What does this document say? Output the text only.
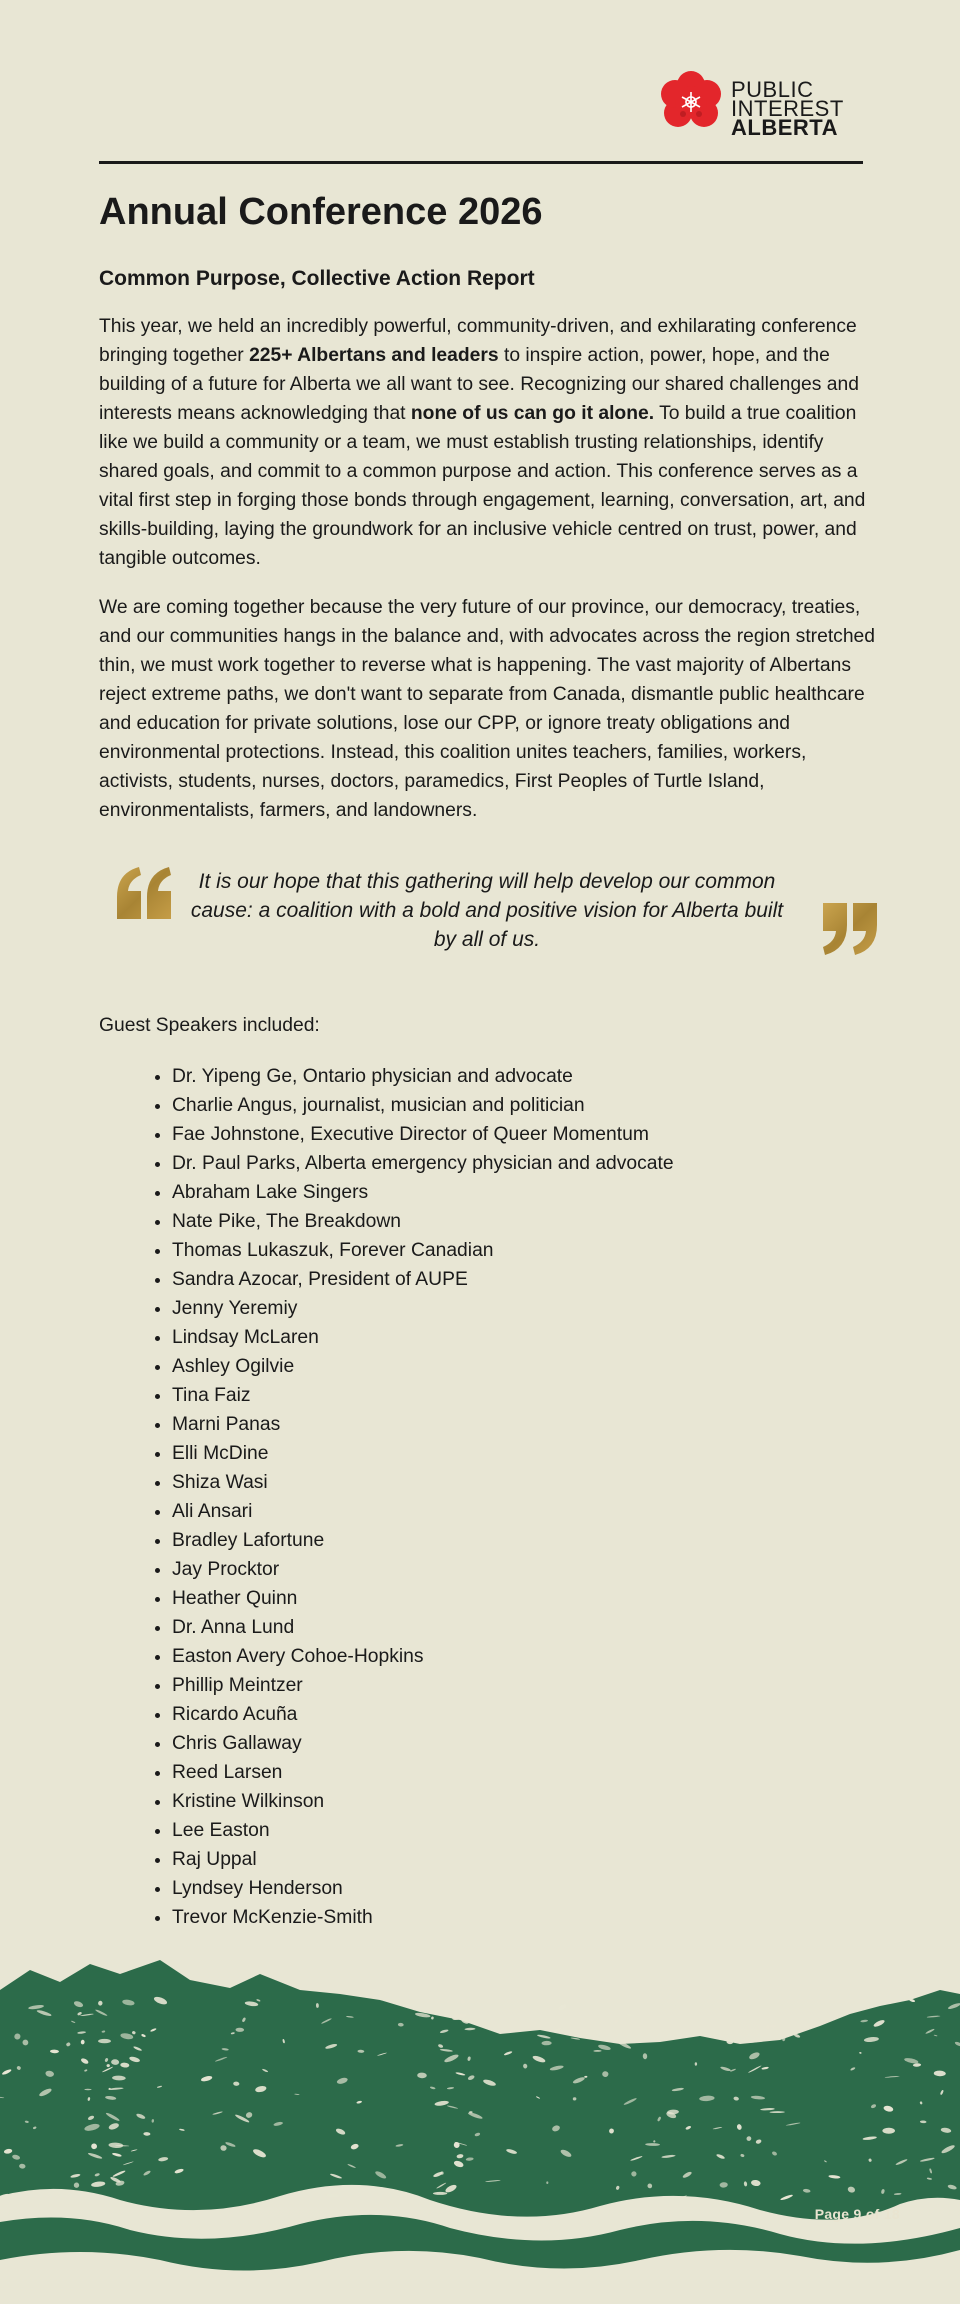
PUBLIC
INTEREST
ALBERTA
Annual Conference 2026
Common Purpose, Collective Action Report

This year, we held an incredibly powerful, community-driven, and exhilarating conference bringing together 225+ Albertans and leaders to inspire action, power, hope, and the building of a future for Alberta we all want to see. Recognizing our shared challenges and interests means acknowledging that none of us can go it alone. To build a true coalition like we build a community or a team, we must establish trusting relationships, identify shared goals, and commit to a common purpose and action. This conference serves as a vital first step in forging those bonds through engagement, learning, conversation, art, and skills-building, laying the groundwork for an inclusive vehicle centred on trust, power, and tangible outcomes.

We are coming together because the very future of our province, our democracy, treaties, and our communities hangs in the balance and, with advocates across the region stretched thin, we must work together to reverse what is happening. The vast majority of Albertans reject extreme paths, we don't want to separate from Canada, dismantle public healthcare and education for private solutions, lose our CPP, or ignore treaty obligations and environmental protections. Instead, this coalition unites teachers, families, workers, activists, students, nurses, doctors, paramedics, First Peoples of Turtle Island, environmentalists, farmers, and landowners.

It is our hope that this gathering will help develop our common cause: a coalition with a bold and positive vision for Alberta built by all of us.

Guest Speakers included:

• Dr. Yipeng Ge, Ontario physician and advocate
• Charlie Angus, journalist, musician and politician
• Fae Johnstone, Executive Director of Queer Momentum
• Dr. Paul Parks, Alberta emergency physician and advocate
• Abraham Lake Singers
• Nate Pike, The Breakdown
• Thomas Lukaszuk, Forever Canadian
• Sandra Azocar, President of AUPE
• Jenny Yeremiy
• Lindsay McLaren
• Ashley Ogilvie
• Tina Faiz
• Marni Panas
• Elli McDine
• Shiza Wasi
• Ali Ansari
• Bradley Lafortune
• Jay Procktor
• Heather Quinn
• Dr. Anna Lund
• Easton Avery Cohoe-Hopkins
• Phillip Meintzer
• Ricardo Acuña
• Chris Gallaway
• Reed Larsen
• Kristine Wilkinson
• Lee Easton
• Raj Uppal
• Lyndsey Henderson
• Trevor McKenzie-Smith
Page 9 of 18
